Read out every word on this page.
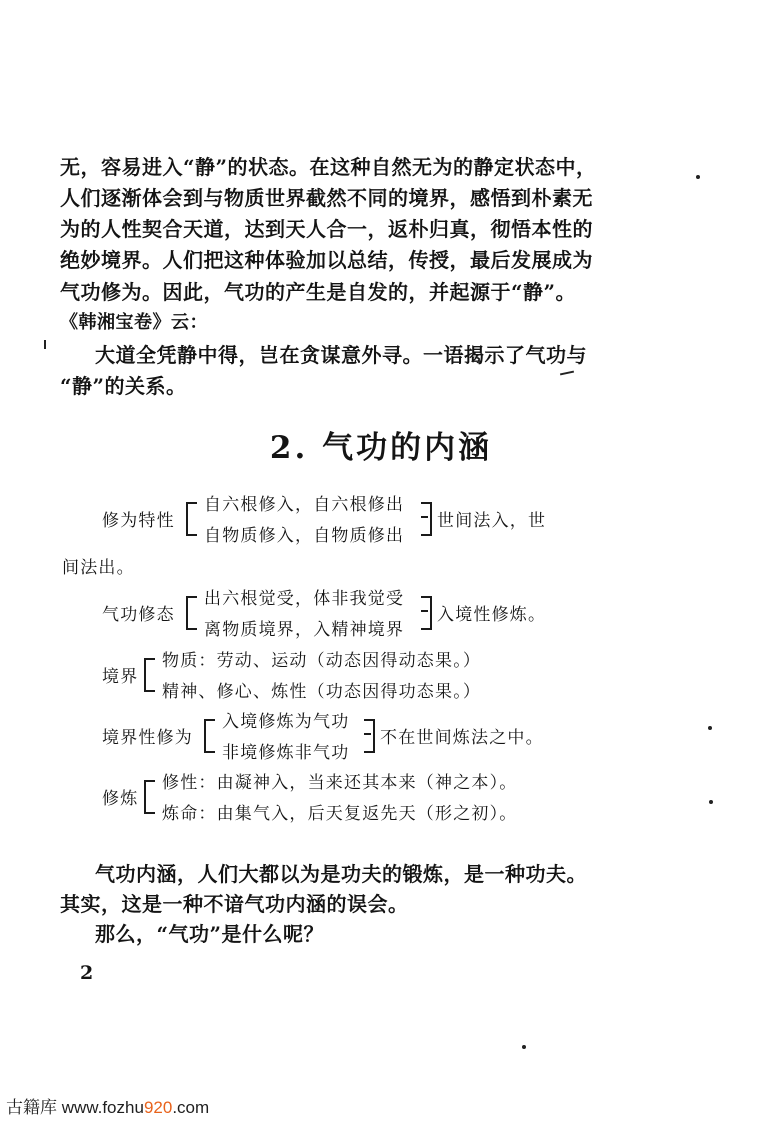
无，容易进入“静”的状态。在这种自然无为的静定状态中，
人们逐渐体会到与物质世界截然不同的境界，感悟到朴素无
为的人性契合天道，达到天人合一，返朴归真，彻悟本性的
绝妙境界。人们把这种体验加以总结，传授，最后发展成为
气功修为。因此，气功的产生是自发的，并起源于“静”。
《韩湘宝卷》云：
大道全凭静中得，岂在贪谋意外寻。一语揭示了气功与
“静”的关系。
2. 气功的内涵
修为特性
自六根修入，自六根修出
自物质修入，自物质修出
世间法入，世
间法出。
气功修态
出六根觉受，体非我觉受
离物质境界，入精神境界
入境性修炼。
境界
物质：劳动、运动（动态因得动态果。）
精神、修心、炼性（功态因得功态果。）
境界性修为
入境修炼为气功
非境修炼非气功
不在世间炼法之中。
修炼
修性：由凝神入，当来还其本来（神之本）。
炼命：由集气入，后天复返先天（形之初）。
气功内涵，人们大都以为是功夫的锻炼，是一种功夫。
其实，这是一种不谙气功内涵的误会。
那么，“气功”是什么呢？
2
古籍库 www.fozhu920.com
